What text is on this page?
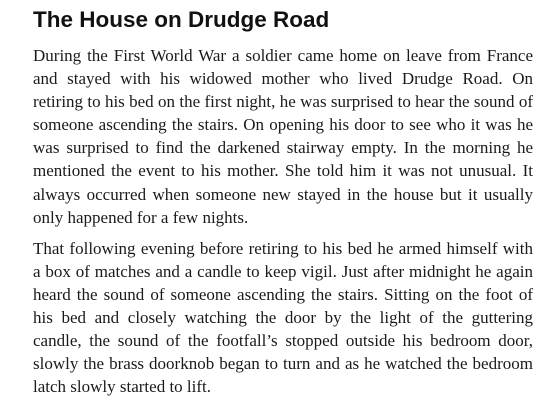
The House on Drudge Road

During the First World War a soldier came home on leave from France and stayed with his widowed mother who lived Drudge Road. On retiring to his bed on the first night, he was surprised to hear the sound of someone ascending the stairs. On opening his door to see who it was he was surprised to find the darkened stairway empty. In the morning he mentioned the event to his mother. She told him it was not unusual. It always occurred when someone new stayed in the house but it usually only happened for a few nights.

That following evening before retiring to his bed he armed himself with a box of matches and a candle to keep vigil. Just after midnight he again heard the sound of someone ascending the stairs. Sitting on the foot of his bed and closely watching the door by the light of the guttering candle, the sound of the footfall’s stopped outside his bedroom door, slowly the brass doorknob began to turn and as he watched the bedroom latch slowly started to lift.
